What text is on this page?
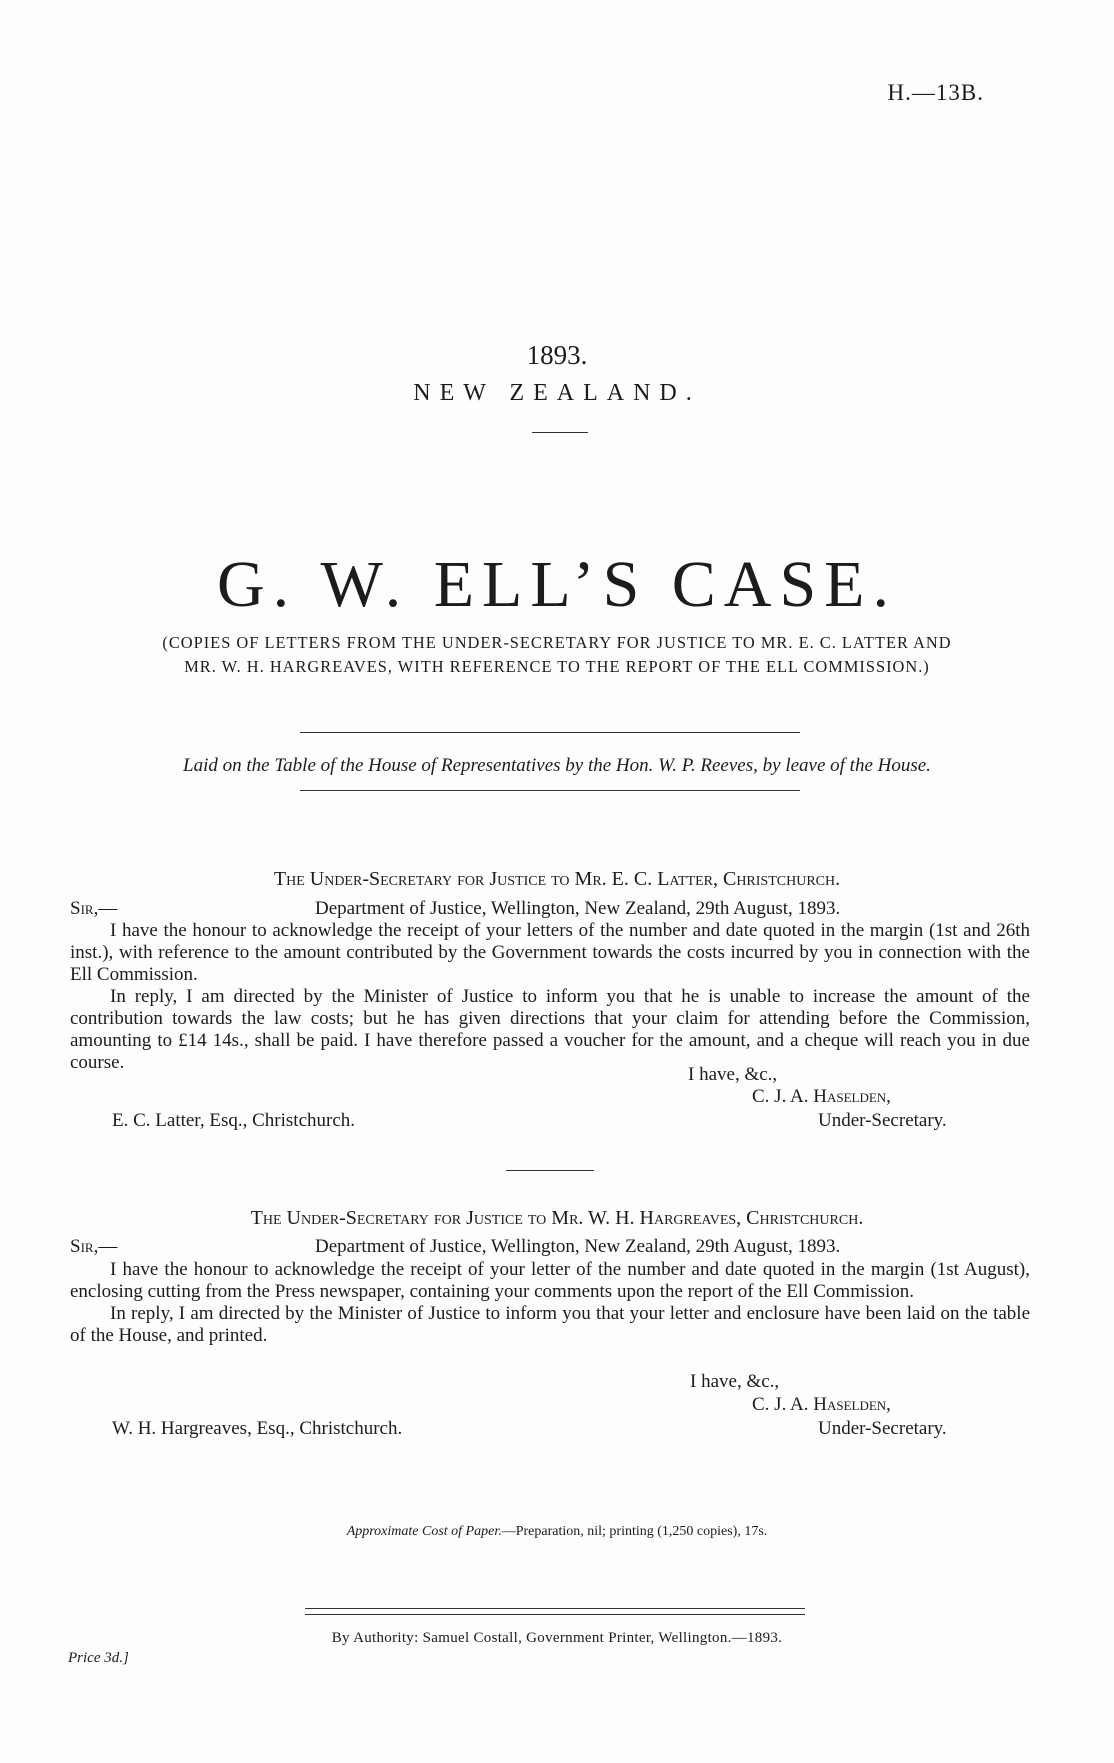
H.—13B.
1893.
NEW ZEALAND.
G. W. ELL’S CASE.
(COPIES OF LETTERS FROM THE UNDER-SECRETARY FOR JUSTICE TO MR. E. C. LATTER AND
MR. W. H. HARGREAVES, WITH REFERENCE TO THE REPORT OF THE ELL COMMISSION.)
Laid on the Table of the House of Representatives by the Hon. W. P. Reeves, by leave of the House.
The Under-Secretary for Justice to Mr. E. C. Latter, Christchurch.
Sir,—	Department of Justice, Wellington, New Zealand, 29th August, 1893.

I have the honour to acknowledge the receipt of your letters of the number and date quoted in the margin (1st and 26th inst.), with reference to the amount contributed by the Government towards the costs incurred by you in connection with the Ell Commission.

In reply, I am directed by the Minister of Justice to inform you that he is unable to increase the amount of the contribution towards the law costs; but he has given directions that your claim for attending before the Commission, amounting to £14 14s., shall be paid. I have therefore passed a voucher for the amount, and a cheque will reach you in due course.

I have, &c.,
C. J. A. Haselden,
E. C. Latter, Esq., Christchurch.	Under-Secretary.
The Under-Secretary for Justice to Mr. W. H. Hargreaves, Christchurch.
Sir,—	Department of Justice, Wellington, New Zealand, 29th August, 1893.

I have the honour to acknowledge the receipt of your letter of the number and date quoted in the margin (1st August), enclosing cutting from the Press newspaper, containing your comments upon the report of the Ell Commission.

In reply, I am directed by the Minister of Justice to inform you that your letter and enclosure have been laid on the table of the House, and printed.

I have, &c.,
C. J. A. Haselden,
W. H. Hargreaves, Esq., Christchurch.	Under-Secretary.
Approximate Cost of Paper.—Preparation, nil; printing (1,250 copies), 17s.
By Authority: Samuel Costall, Government Printer, Wellington.—1893.
Price 3d.]
